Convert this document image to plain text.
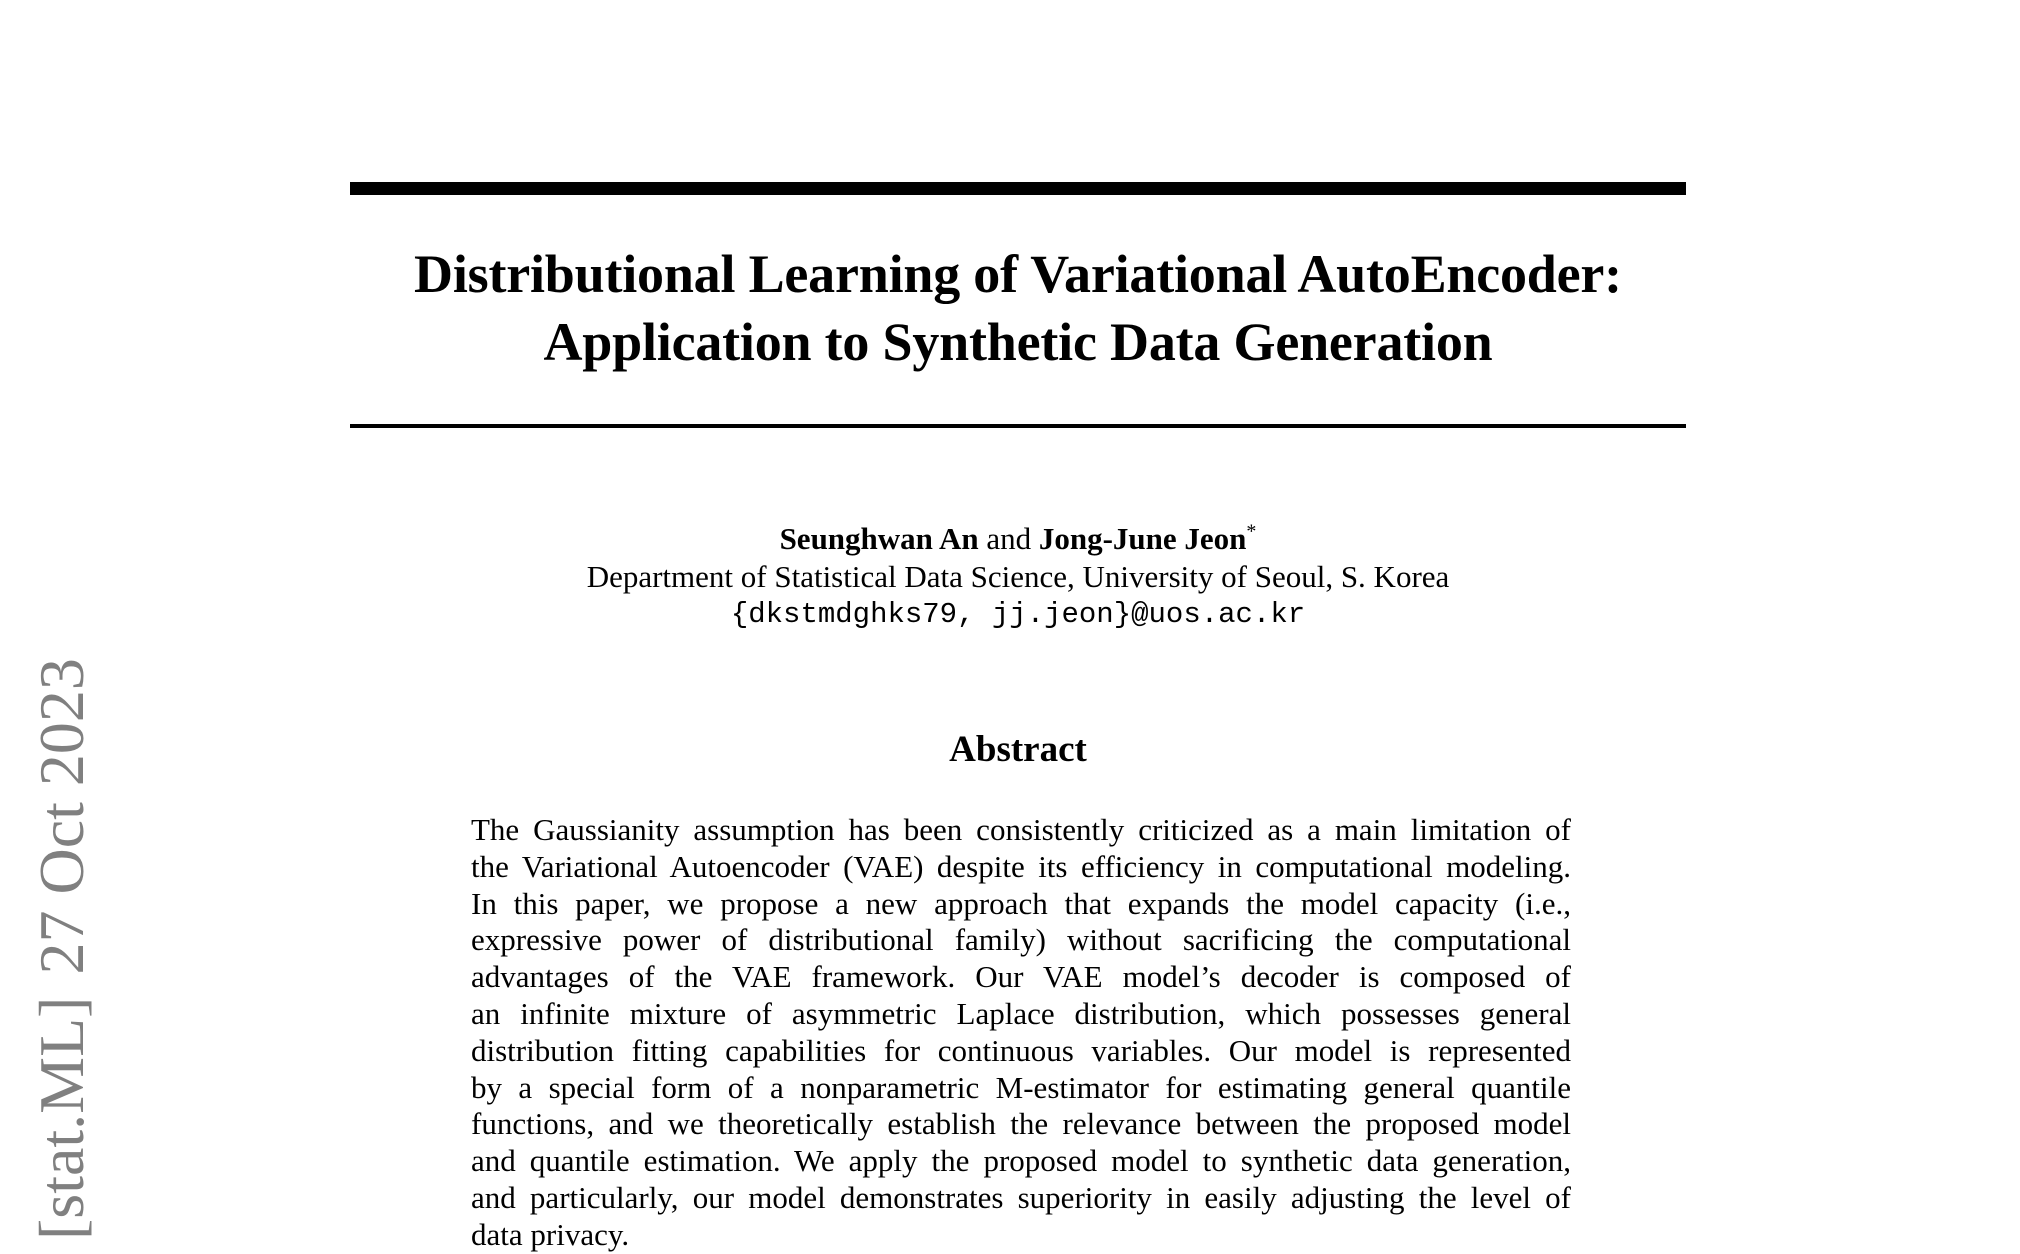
[stat.ML]27 Oct 2023
Distributional Learning of Variational AutoEncoder:
Application to Synthetic Data Generation
Seunghwan An and Jong-June Jeon*
Department of Statistical Data Science, University of Seoul, S. Korea
{dkstmdghks79, jj.jeon}@uos.ac.kr
Abstract
The Gaussianity assumption has been consistently criticized as a main limitation of
the Variational Autoencoder (VAE) despite its efficiency in computational modeling.
In this paper, we propose a new approach that expands the model capacity (i.e.,
expressive power of distributional family) without sacrificing the computational
advantages of the VAE framework. Our VAE model’s decoder is composed of
an infinite mixture of asymmetric Laplace distribution, which possesses general
distribution fitting capabilities for continuous variables. Our model is represented
by a special form of a nonparametric M-estimator for estimating general quantile
functions, and we theoretically establish the relevance between the proposed model
and quantile estimation. We apply the proposed model to synthetic data generation,
and particularly, our model demonstrates superiority in easily adjusting the level of
data privacy.
